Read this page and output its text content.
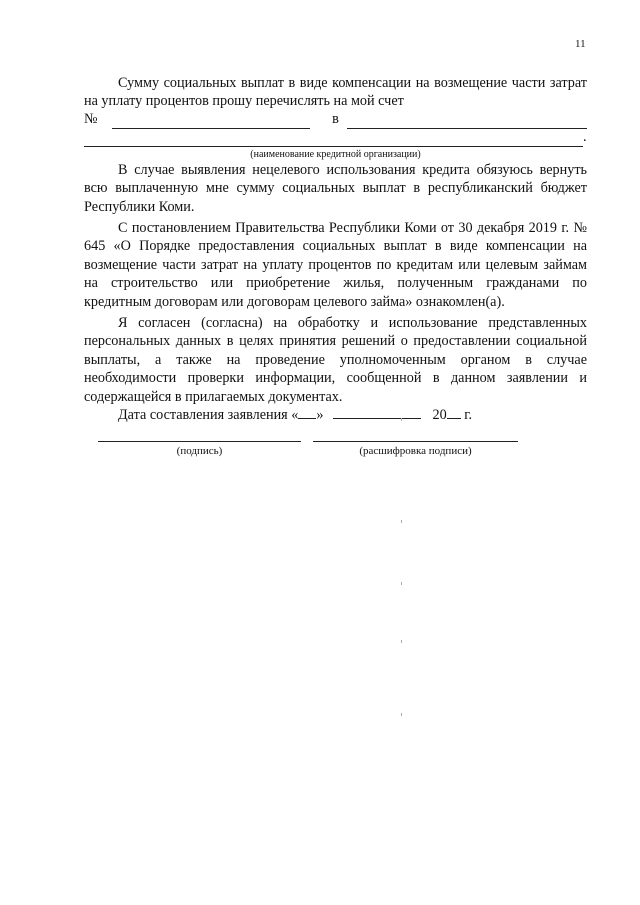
11

Сумму социальных выплат в виде компенсации на возмещение части затрат на уплату процентов прошу перечислять на мой счет

№	в
.
(наименование кредитной организации)

В случае выявления нецелевого использования кредита обязуюсь вернуть всю выплаченную мне сумму социальных выплат в республиканский бюджет Республики Коми.

С постановлением Правительства Республики Коми от 30 декабря 2019 г. № 645 «О Порядке предоставления социальных выплат в виде компенсации на возмещение части затрат на уплату процентов по кредитам или целевым займам на строительство или приобретение жилья, полученным гражданами по кредитным договорам или договорам целевого займа» ознакомлен(а).

Я согласен (согласна) на обработку и использование представленных персональных данных в целях принятия решений о предоставлении социальной выплаты, а также на проведение уполномоченным органом в случае необходимости проверки информации, сообщенной в данном заявлении и содержащейся в прилагаемых документах.

Дата составления заявления « »	20 г.
(подпись)	(расшифровка подписи)
